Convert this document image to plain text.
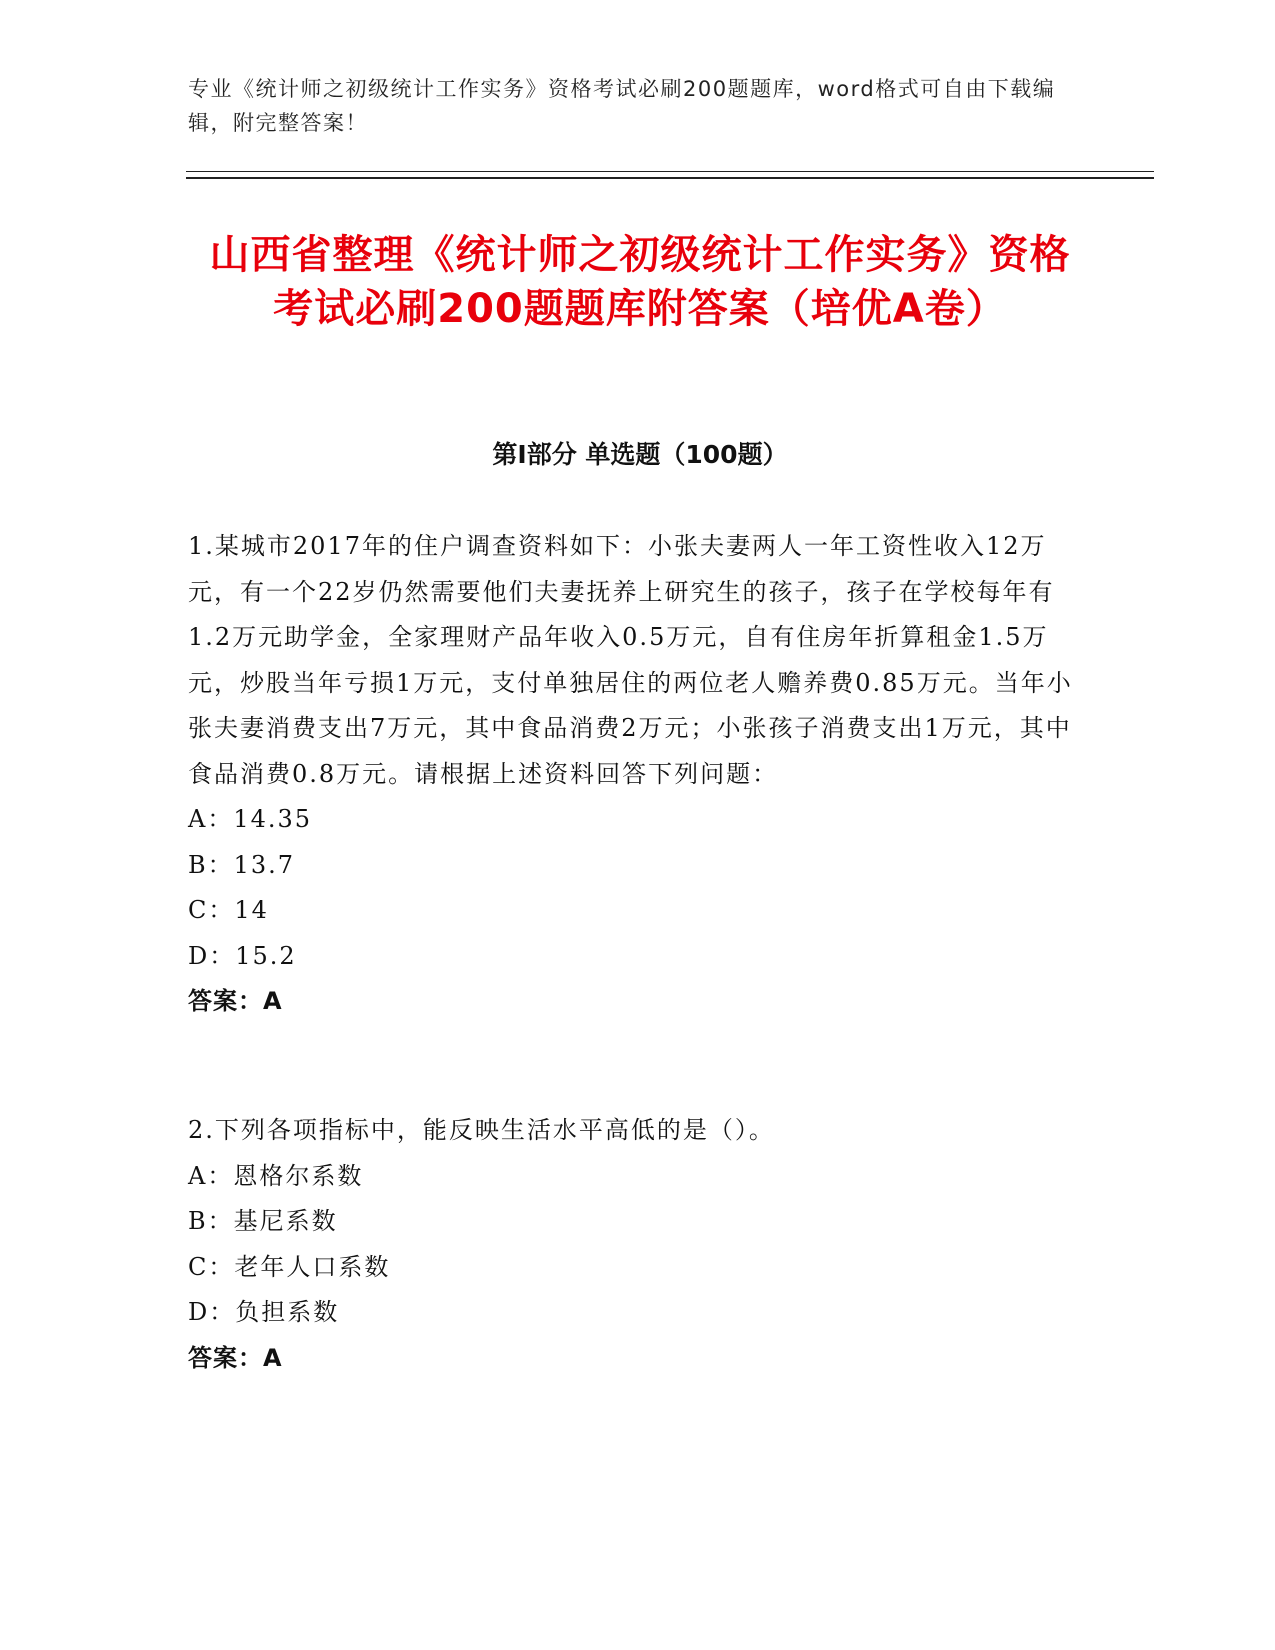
专业《统计师之初级统计工作实务》资格考试必刷200题题库，word格式可自由下载编辑，附完整答案！
山西省整理《统计师之初级统计工作实务》资格考试必刷200题题库附答案（培优A卷）
第Ⅰ部分 单选题（100题）
1.某城市2017年的住户调查资料如下：小张夫妻两人一年工资性收入12万元，有一个22岁仍然需要他们夫妻抚养上研究生的孩子，孩子在学校每年有1.2万元助学金，全家理财产品年收入0.5万元，自有住房年折算租金1.5万元，炒股当年亏损1万元，支付单独居住的两位老人赡养费0.85万元。当年小张夫妻消费支出7万元，其中食品消费2万元；小张孩子消费支出1万元，其中食品消费0.8万元。请根据上述资料回答下列问题：
A：14.35
B：13.7
C：14
D：15.2
答案：A
2.下列各项指标中，能反映生活水平高低的是（）。
A：恩格尔系数
B：基尼系数
C：老年人口系数
D：负担系数
答案：A
